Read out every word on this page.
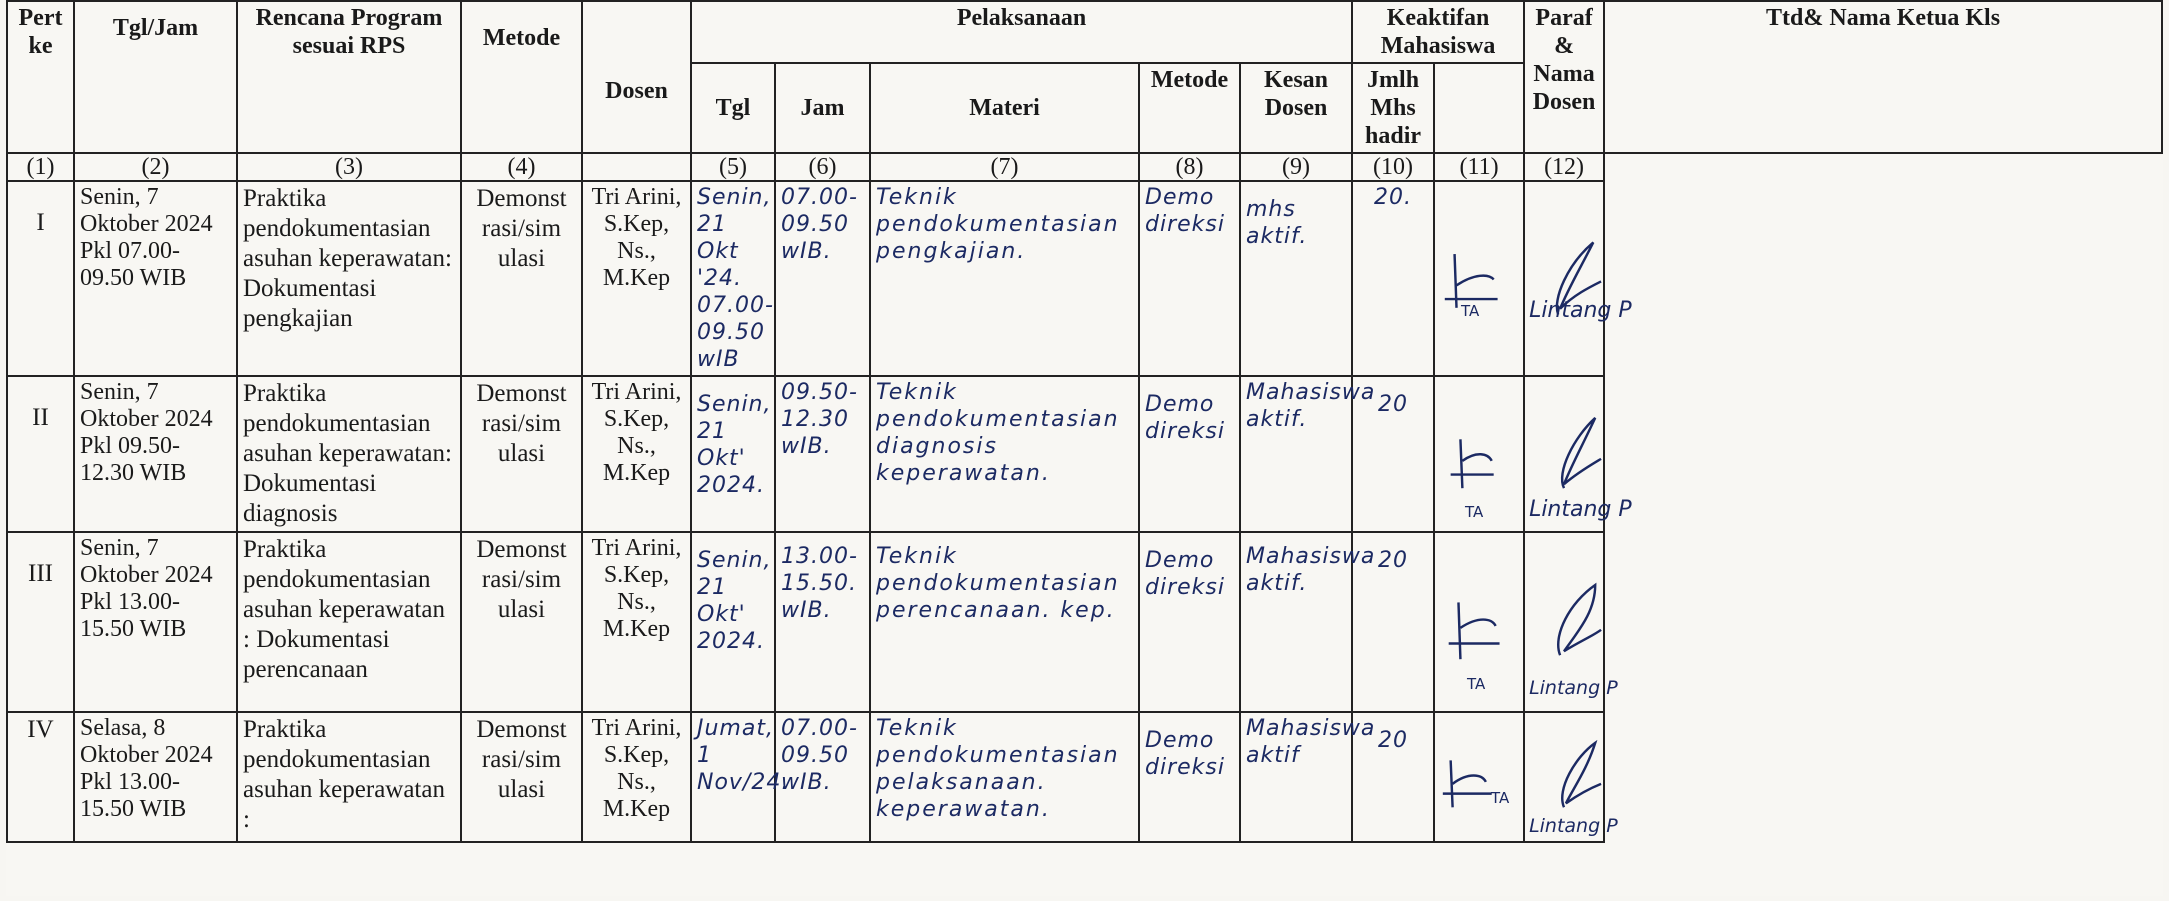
Pert ke	Tgl/Jam	Rencana Program sesuai RPS	Metode	Dosen	Pelaksanaan					Keaktifan Mahasiswa		Paraf & Nama Dosen	Ttd& Nama Ketua Kls
					Tgl	Jam	Materi	Metode	Kesan Dosen	Jmlh Mhs hadir			
(1)	(2)	(3)	(4)		(5)	(6)	(7)	(8)	(9)	(10)	(11)	(12)	
I	Senin, 7 Oktober 2024 Pkl 07.00-09.50 WIB	Praktika pendokumentasian asuhan keperawatan: Dokumentasi pengkajian	Demonst rasi/sim ulasi	Tri Arini, S.Kep, Ns., M.Kep	Senin, 21 Okt '24. 07.00-09.50 wIB	07.00-09.50 wIB.	Teknik pendokumentasian pengkajian.	Demo direksi	mhs aktif.	20.	TA	Lintang P	

II	Senin, 7 Oktober 2024 Pkl 09.50-12.30 WIB	Praktika pendokumentasian asuhan keperawatan: Dokumentasi diagnosis	Demonst rasi/sim ulasi	Tri Arini, S.Kep, Ns., M.Kep	Senin, 21 Okt' 2024.	09.50-12.30 wIB.	Teknik pendokumentasian diagnosis keperawatan.	Demo direksi	Mahasiswa aktif.	20	TA	Lintang P	

III	Senin, 7 Oktober 2024 Pkl 13.00-15.50 WIB	Praktika pendokumentasian asuhan keperawatan : Dokumentasi perencanaan	Demonst rasi/sim ulasi	Tri Arini, S.Kep, Ns., M.Kep	Senin, 21 Okt' 2024.	13.00-15.50. wIB.	Teknik pendokumentasian perencanaan. kep.	Demo direksi	Mahasiswa aktif.	20	TA	Lintang P	

IV	Selasa, 8 Oktober 2024 Pkl 13.00-15.50 WIB	Praktika pendokumentasian asuhan keperawatan :	Demonst rasi/sim ulasi	Tri Arini, S.Kep, Ns., M.Kep	Jumat, 1 Nov/24.	07.00-09.50 wIB.	Teknik pendokumentasian pelaksanaan. keperawatan.	Demo direksi	Mahasiswa aktif	20	TA	Lintang P	
